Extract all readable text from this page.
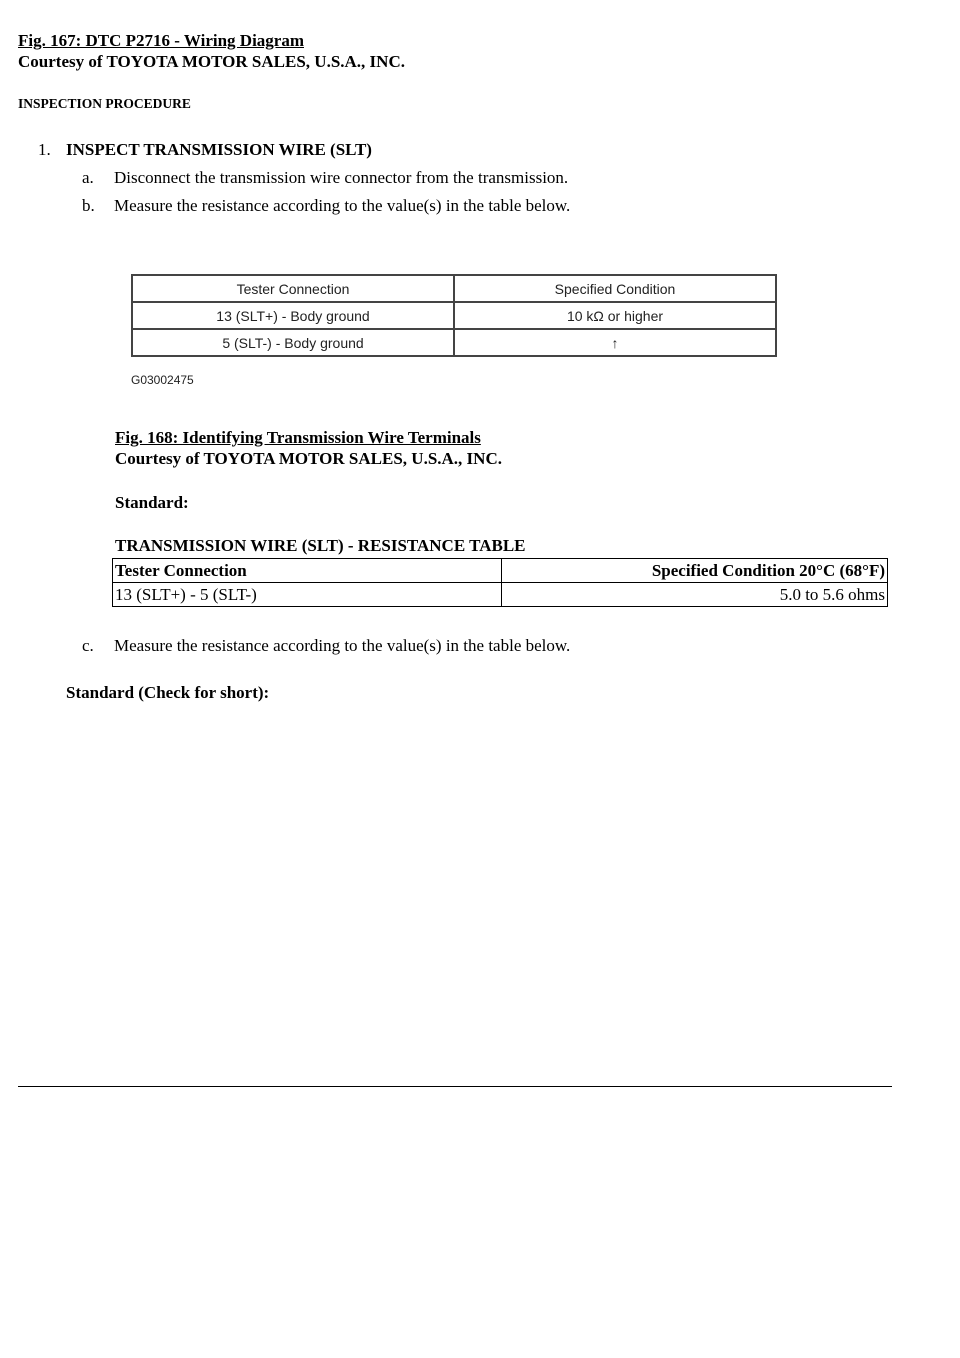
Fig. 167: DTC P2716 - Wiring Diagram
Courtesy of TOYOTA MOTOR SALES, U.S.A., INC.
INSPECTION PROCEDURE
1. INSPECT TRANSMISSION WIRE (SLT)
a. Disconnect the transmission wire connector from the transmission.
b. Measure the resistance according to the value(s) in the table below.
Tester Connection	Specified Condition
13 (SLT+) - Body ground	10 kΩ or higher
5 (SLT-) - Body ground	↑
G03002475
Fig. 168: Identifying Transmission Wire Terminals
Courtesy of TOYOTA MOTOR SALES, U.S.A., INC.
Standard:
TRANSMISSION WIRE (SLT) - RESISTANCE TABLE
Tester Connection	Specified Condition 20°C (68°F)
13 (SLT+) - 5 (SLT-)	5.0 to 5.6 ohms
c. Measure the resistance according to the value(s) in the table below.
Standard (Check for short):
